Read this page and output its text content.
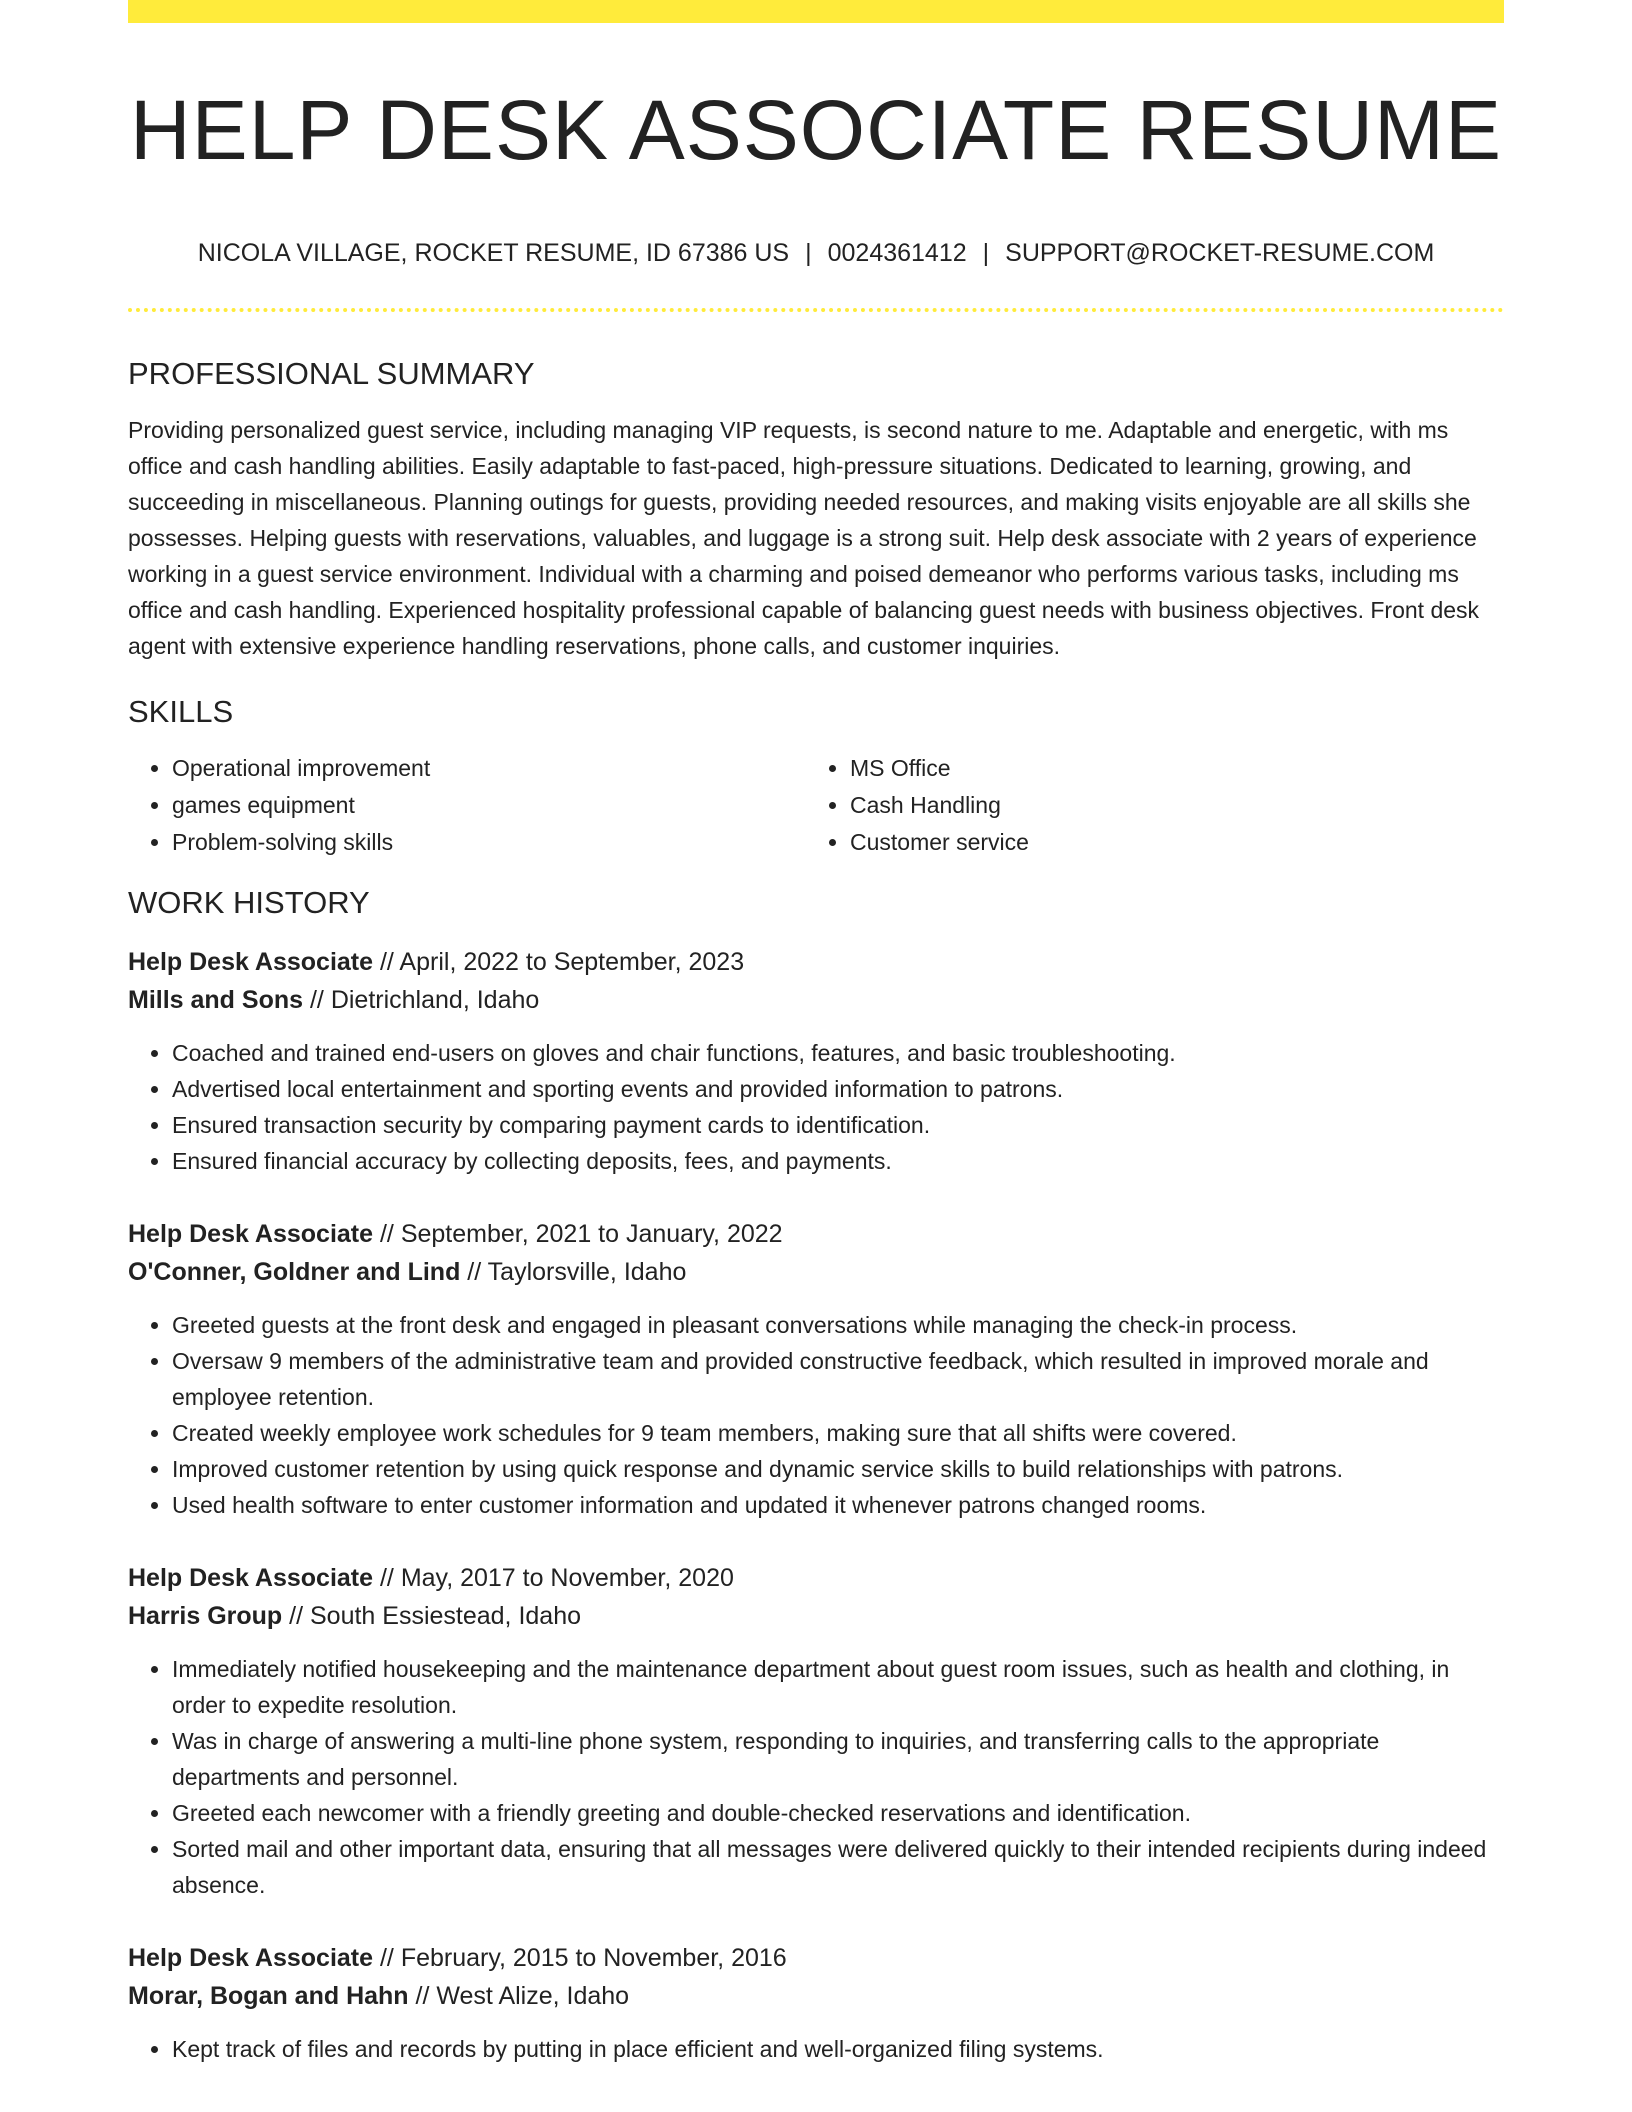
HELP DESK ASSOCIATE RESUME
NICOLA VILLAGE, ROCKET RESUME, ID 67386 US | 0024361412 | SUPPORT@ROCKET-RESUME.COM
PROFESSIONAL SUMMARY

Providing personalized guest service, including managing VIP requests, is second nature to me. Adaptable and energetic, with ms office and cash handling abilities. Easily adaptable to fast-paced, high-pressure situations. Dedicated to learning, growing, and succeeding in miscellaneous. Planning outings for guests, providing needed resources, and making visits enjoyable are all skills she possesses. Helping guests with reservations, valuables, and luggage is a strong suit. Help desk associate with 2 years of experience working in a guest service environment. Individual with a charming and poised demeanor who performs various tasks, including ms office and cash handling. Experienced hospitality professional capable of balancing guest needs with business objectives. Front desk agent with extensive experience handling reservations, phone calls, and customer inquiries.

SKILLS
• Operational improvement
• games equipment
• Problem-solving skills
• MS Office
• Cash Handling
• Customer service
WORK HISTORY
Help Desk Associate // April, 2022 to September, 2023
Mills and Sons // Dietrichland, Idaho
• Coached and trained end-users on gloves and chair functions, features, and basic troubleshooting.
• Advertised local entertainment and sporting events and provided information to patrons.
• Ensured transaction security by comparing payment cards to identification.
• Ensured financial accuracy by collecting deposits, fees, and payments.
Help Desk Associate // September, 2021 to January, 2022
O'Conner, Goldner and Lind // Taylorsville, Idaho
• Greeted guests at the front desk and engaged in pleasant conversations while managing the check-in process.
• Oversaw 9 members of the administrative team and provided constructive feedback, which resulted in improved morale and employee retention.
• Created weekly employee work schedules for 9 team members, making sure that all shifts were covered.
• Improved customer retention by using quick response and dynamic service skills to build relationships with patrons.
• Used health software to enter customer information and updated it whenever patrons changed rooms.
Help Desk Associate // May, 2017 to November, 2020
Harris Group // South Essiestead, Idaho
• Immediately notified housekeeping and the maintenance department about guest room issues, such as health and clothing, in order to expedite resolution.
• Was in charge of answering a multi-line phone system, responding to inquiries, and transferring calls to the appropriate departments and personnel.
• Greeted each newcomer with a friendly greeting and double-checked reservations and identification.
• Sorted mail and other important data, ensuring that all messages were delivered quickly to their intended recipients during indeed absence.
Help Desk Associate // February, 2015 to November, 2016
Morar, Bogan and Hahn // West Alize, Idaho
• Kept track of files and records by putting in place efficient and well-organized filing systems.
